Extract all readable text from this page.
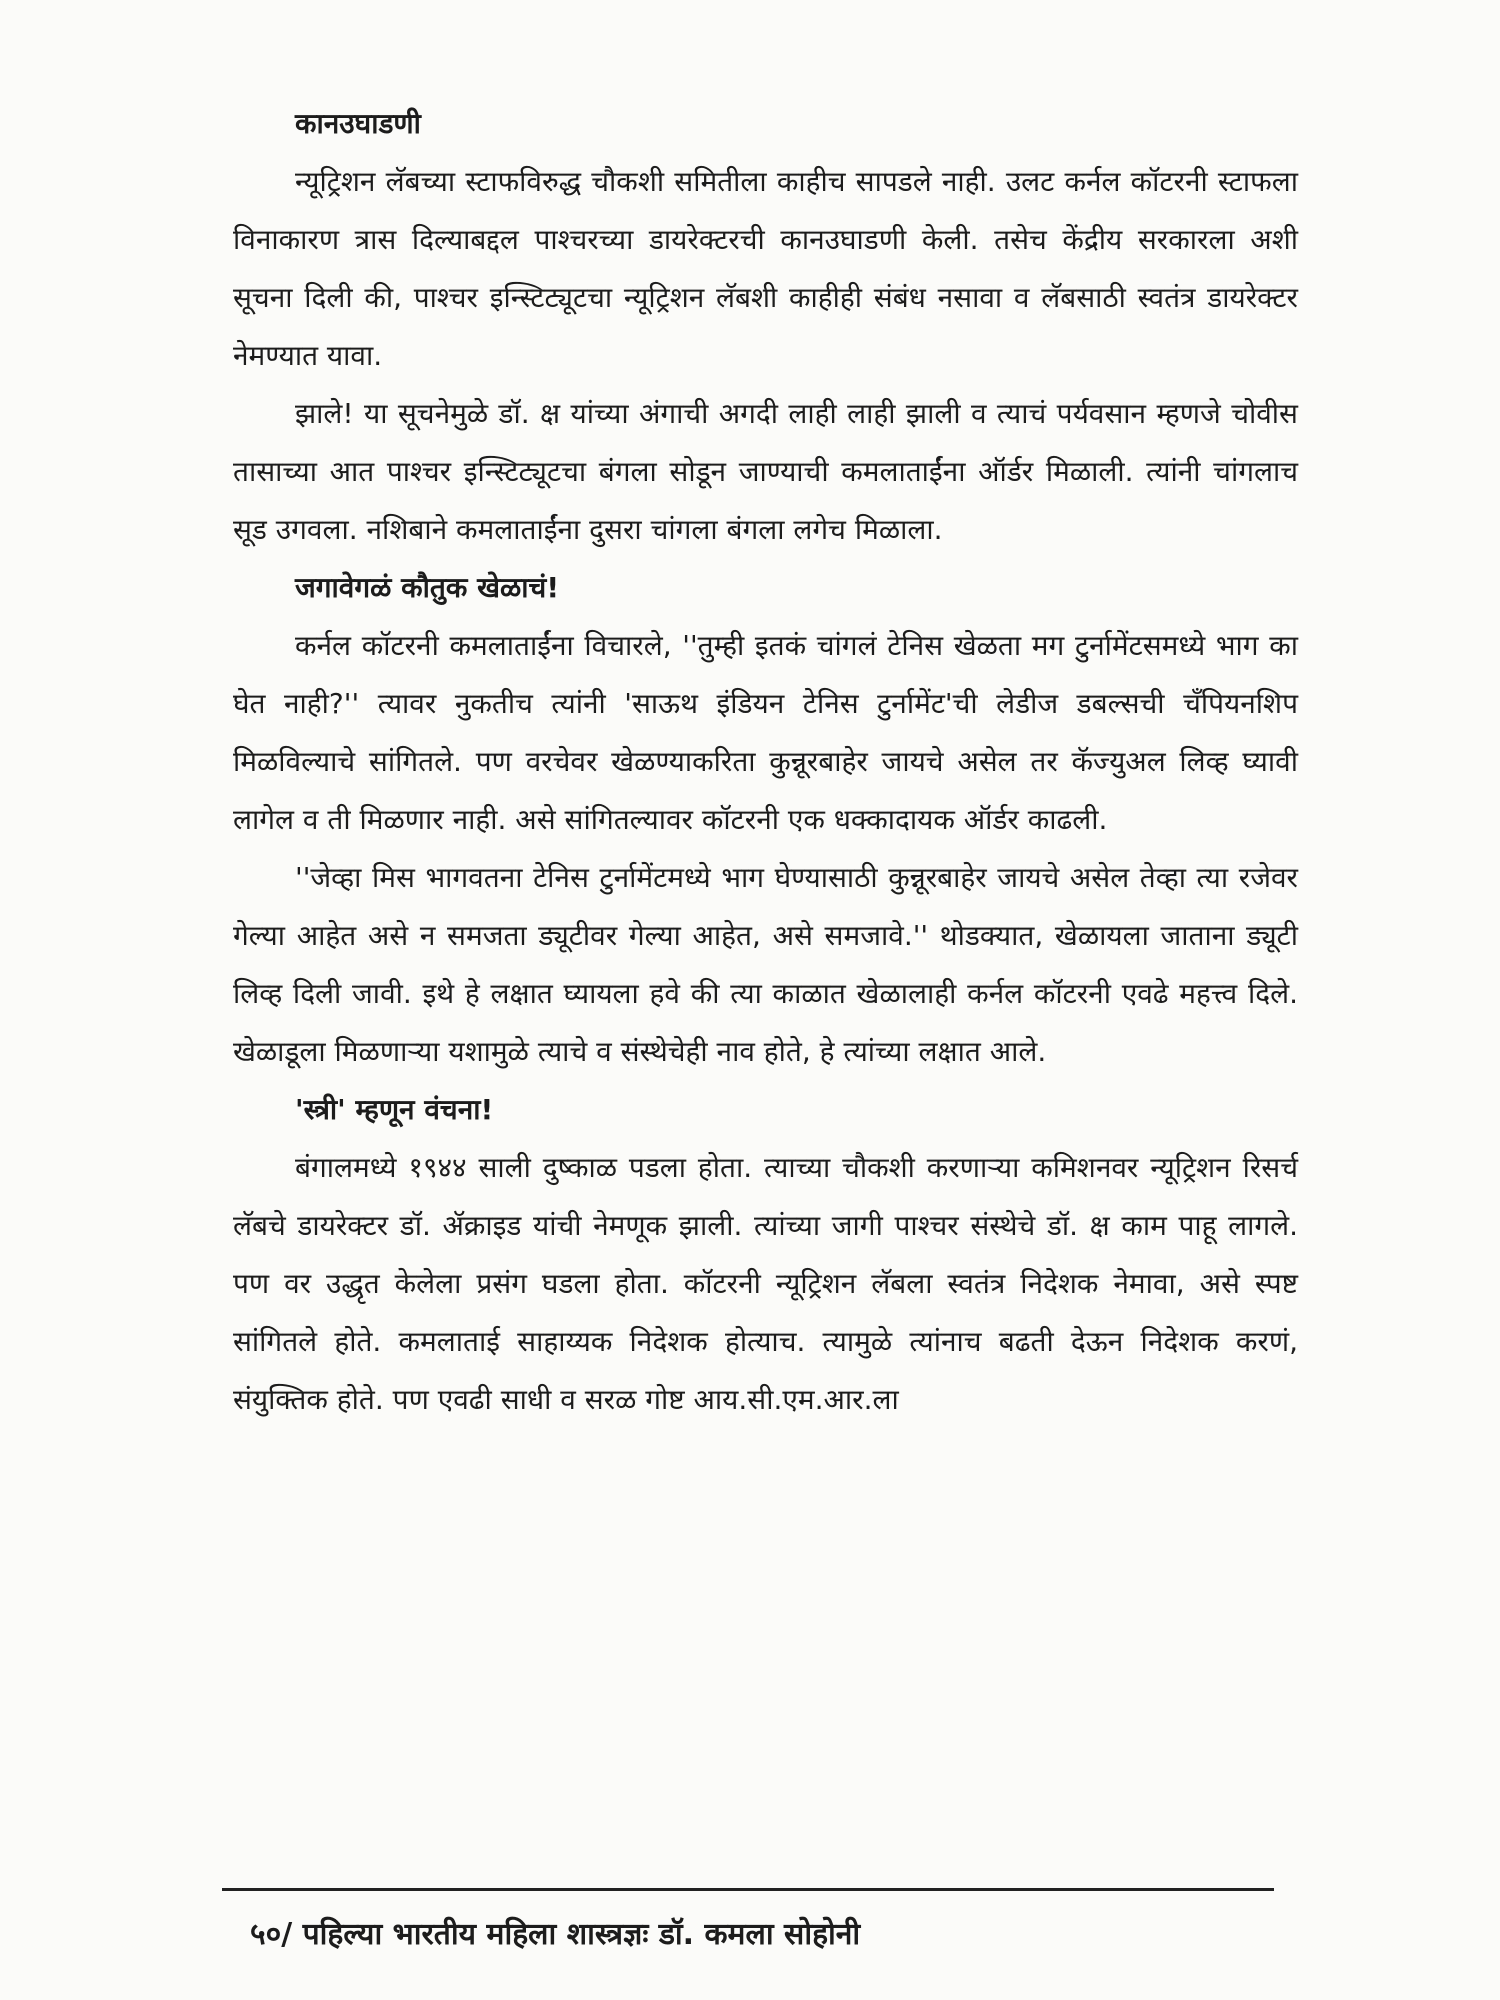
कानउघाडणी

न्यूट्रिशन लॅबच्या स्टाफविरुद्ध चौकशी समितीला काहीच सापडले नाही. उलट कर्नल कॉटरनी स्टाफला विनाकारण त्रास दिल्याबद्दल पाश्चरच्या डायरेक्टरची कानउघाडणी केली. तसेच केंद्रीय सरकारला अशी सूचना दिली की, पाश्चर इन्स्टिट्यूटचा न्यूट्रिशन लॅबशी काहीही संबंध नसावा व लॅबसाठी स्वतंत्र डायरेक्टर नेमण्यात यावा.

झाले! या सूचनेमुळे डॉ. क्ष यांच्या अंगाची अगदी लाही लाही झाली व त्याचं पर्यवसान म्हणजे चोवीस तासाच्या आत पाश्चर इन्स्टिट्यूटचा बंगला सोडून जाण्याची कमलाताईंना ऑर्डर मिळाली. त्यांनी चांगलाच सूड उगवला. नशिबाने कमलाताईंना दुसरा चांगला बंगला लगेच मिळाला.

जगावेगळं कौतुक खेळाचं!

कर्नल कॉटरनी कमलाताईंना विचारले, ''तुम्ही इतकं चांगलं टेनिस खेळता मग टुर्नामेंटसमध्ये भाग का घेत नाही?'' त्यावर नुकतीच त्यांनी 'साऊथ इंडियन टेनिस टुर्नामेंट'ची लेडीज डबल्सची चँपियनशिप मिळविल्याचे सांगितले. पण वरचेवर खेळण्याकरिता कुन्नूरबाहेर जायचे असेल तर कॅज्युअल लिव्ह घ्यावी लागेल व ती मिळणार नाही. असे सांगितल्यावर कॉटरनी एक धक्कादायक ऑर्डर काढली.

''जेव्हा मिस भागवतना टेनिस टुर्नामेंटमध्ये भाग घेण्यासाठी कुन्नूरबाहेर जायचे असेल तेव्हा त्या रजेवर गेल्या आहेत असे न समजता ड्यूटीवर गेल्या आहेत, असे समजावे.'' थोडक्यात, खेळायला जाताना ड्यूटी लिव्ह दिली जावी. इथे हे लक्षात घ्यायला हवे की त्या काळात खेळालाही कर्नल कॉटरनी एवढे महत्त्व दिले. खेळाडूला मिळणाऱ्या यशामुळे त्याचे व संस्थेचेही नाव होते, हे त्यांच्या लक्षात आले.

'स्त्री' म्हणून वंचना!

बंगालमध्ये १९४४ साली दुष्काळ पडला होता. त्याच्या चौकशी करणाऱ्या कमिशनवर न्यूट्रिशन रिसर्च लॅबचे डायरेक्टर डॉ. ॲक्राइड यांची नेमणूक झाली. त्यांच्या जागी पाश्चर संस्थेचे डॉ. क्ष काम पाहू लागले. पण वर उद्धृत केलेला प्रसंग घडला होता. कॉटरनी न्यूट्रिशन लॅबला स्वतंत्र निदेशक नेमावा, असे स्पष्ट सांगितले होते. कमलाताई साहाय्यक निदेशक होत्याच. त्यामुळे त्यांनाच बढती देऊन निदेशक करणं, संयुक्तिक होते. पण एवढी साधी व सरळ गोष्ट आय.सी.एम.आर.ला

५०/ पहिल्या भारतीय महिला शास्त्रज्ञः डॉ. कमला सोहोनी
